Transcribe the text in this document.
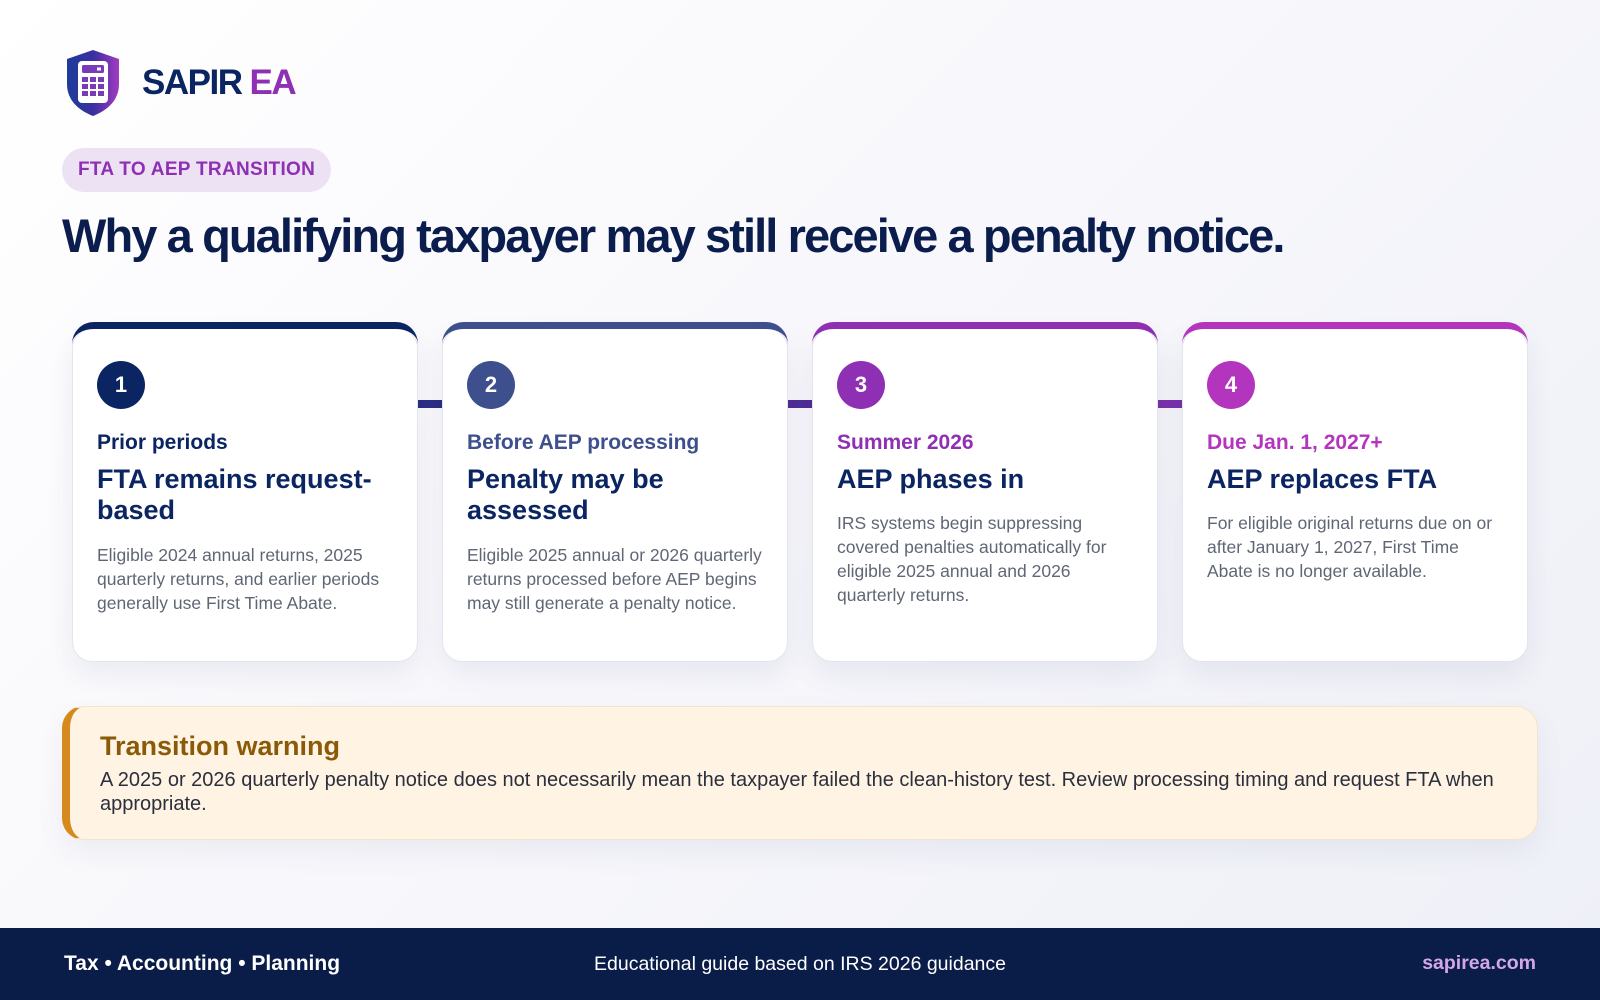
SAPIR EA
FTA TO AEP TRANSITION
Why a qualifying taxpayer may still receive a penalty notice.
1
Prior periods
FTA remains request-based
Eligible 2024 annual returns, 2025 quarterly returns, and earlier periods generally use First Time Abate.
2
Before AEP processing
Penalty may be assessed
Eligible 2025 annual or 2026 quarterly returns processed before AEP begins may still generate a penalty notice.
3
Summer 2026
AEP phases in
IRS systems begin suppressing covered penalties automatically for eligible 2025 annual and 2026 quarterly returns.
4
Due Jan. 1, 2027+
AEP replaces FTA
For eligible original returns due on or after January 1, 2027, First Time Abate is no longer available.
Transition warning
A 2025 or 2026 quarterly penalty notice does not necessarily mean the taxpayer failed the clean-history test. Review processing timing and request FTA when appropriate.
Tax • Accounting • Planning	Educational guide based on IRS 2026 guidance	sapirea.com
